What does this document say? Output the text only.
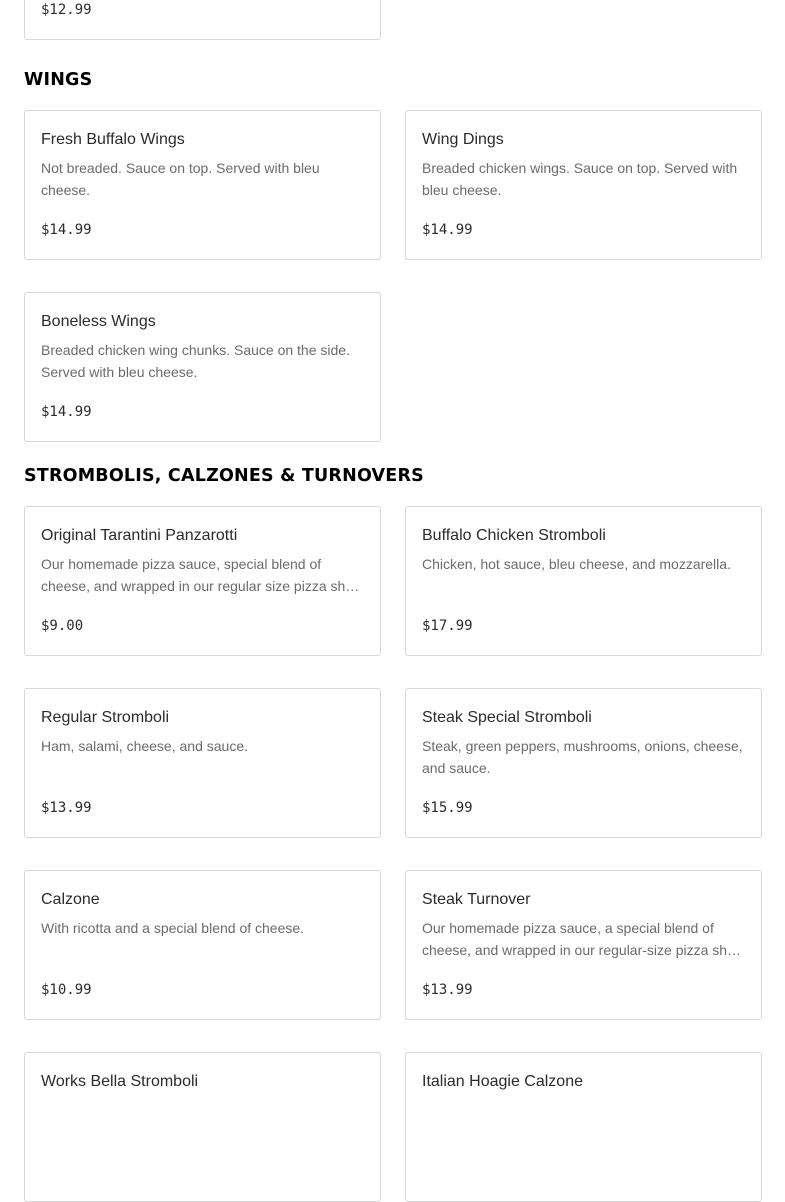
$12.99
WINGS
Fresh Buffalo Wings
Not breaded. Sauce on top. Served with bleu cheese.
$14.99
Wing Dings
Breaded chicken wings. Sauce on top. Served with bleu cheese.
$14.99
Boneless Wings
Breaded chicken wing chunks. Sauce on the side. Served with bleu cheese.
$14.99
STROMBOLIS, CALZONES & TURNOVERS
Original Tarantini Panzarotti
Our homemade pizza sauce, special blend of cheese, and wrapped in our regular size pizza sh…
$9.00
Buffalo Chicken Stromboli
Chicken, hot sauce, bleu cheese, and mozzarella.
$17.99
Regular Stromboli
Ham, salami, cheese, and sauce.
$13.99
Steak Special Stromboli
Steak, green peppers, mushrooms, onions, cheese, and sauce.
$15.99
Calzone
With ricotta and a special blend of cheese.
$10.99
Steak Turnover
Our homemade pizza sauce, a special blend of cheese, and wrapped in our regular-size pizza sh…
$13.99
Works Bella Stromboli	Italian Hoagie Calzone
